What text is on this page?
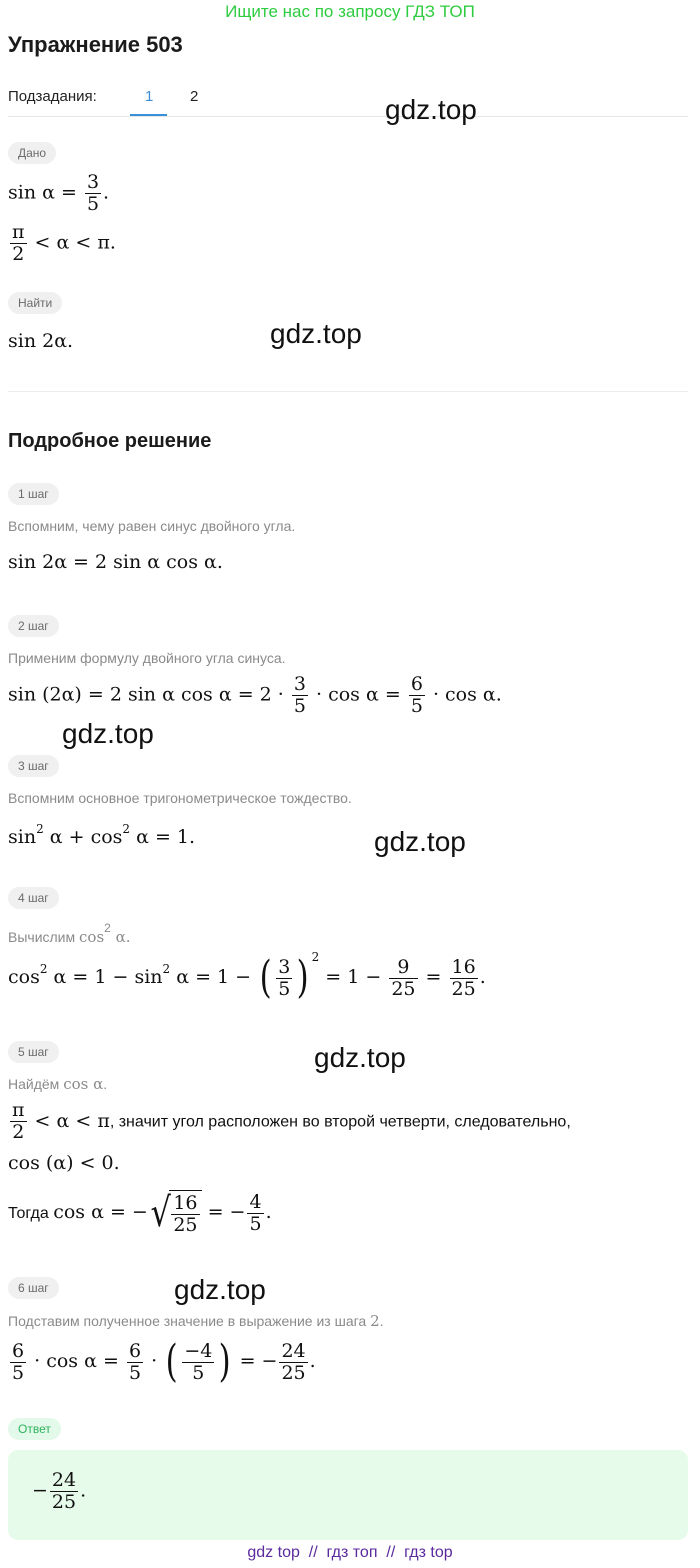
Ищите нас по запросу ГДЗ ТОП
Упражнение 503
Подзадания:	1 2	gdz.top
Дано
$\sin \alpha = \frac{3}{5}$ .
$\frac{\pi}{2} < \alpha < \pi$.
Найти
sin 2α.	gdz.top
Подробное решение
1 шаг
Вспомним, чему равен синус двойного угла.
sin 2α = 2 sin α cos α.
2 шаг
Применим формулу двойного угла синуса.
sin (2α) = 2 sin α $\cos \alpha = 2 \cdot \frac{3}{5} \cdot \cos \alpha = \frac{6}{5} \cdot \cos \alpha$.
gdz.top
3 шаг
Вспомним основное тригонометрическое тождество.
$\sin^2 \alpha + \cos^2 \alpha = 1$.	gdz.top
4 шаг
Вычислим cos2 α.
$\cos^2 \alpha = 1 - \sin^2 \alpha = 1$ − ( $\frac{3}{5}$ ) $^2 = 1 - \frac{9}{25} = \frac{16}{25}$ .
5 шаг	gdz.top
Найдём cos α.
$\frac{\pi}{2} < \alpha < \pi$, значит угол расположен во второй четверти, следовательно,
cos (α) < 0.
Тогда cos α = −√ $\frac{16}{25}$ = − $\frac{4}{5}$ .
6 шаг	gdz.top
Подставим полученное значение в выражение из шага 2.
$\frac{6}{5} \cdot \cos \alpha = \frac{6}{5}$ · ( $\frac{-4}{5}$ ) = − $\frac{24}{25}$ .
Ответ
− $\frac{24}{25}$ .
gdz top  //  гдз топ  //  гдз top
